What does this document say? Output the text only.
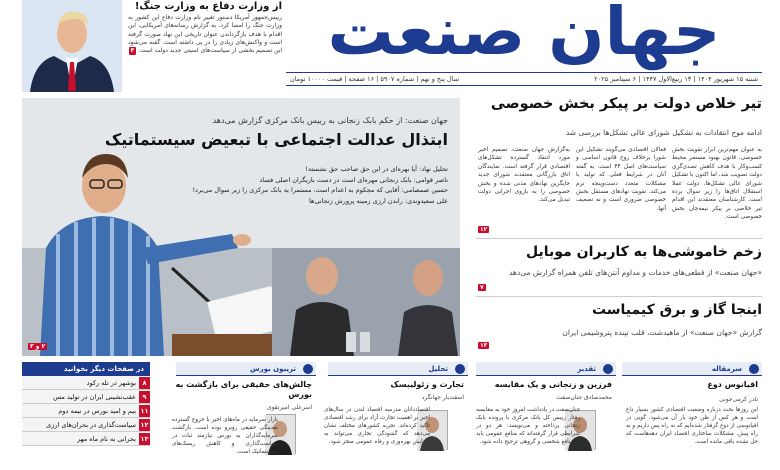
جهان صنعت
شنبه ۱۵ شهریور ۱۴۰۴ | ۱۳ ربیع‌الاول ۱۴۴۷ | ۶ سپتامبر ۲۰۲۵
سال پنج و نهم | شماره ۵۹۰۷ | ۱۶ صفحه | قیمت ۱۰۰۰۰ تومان
از وزارت دفاع به وزارت جنگ!
رییس‌جمهور آمریکا دستور تغییر نام وزارت دفاع این کشور به وزارت جنگ را امضا کرد. به گزارش رسانه‌های آمریکایی، این اقدام با هدف بازگرداندن عنوان تاریخی این نهاد صورت گرفته است و واکنش‌های زیادی را در پی داشته است. گفته می‌شود این تصمیم بخشی از سیاست‌های امنیتی جدید دولت است. ۴
جهان صنعت: از حکم بابک زنجانی به رییس بانک مرکزی گزارش می‌دهد
ابتذال عدالت اجتماعی با تبعیض سیستماتیک
تحلیل نهاد: آیا بهره‌ای در این حق صاحب حق نشسته!
ناصر قوامی: بابک زنجانی مهره‌ای است در دست بازیگران اصلی فساد
حسین صمصامی: آقایی که مجکوم به اعدام است، مستمرا به بانک مرکزی را زیر سوال می‌برد!
علی سعیدوندی: راندن ارزی زمینه پرورش زنجانی‌ها
۲ و ۳
تیر خلاص دولت بر پیکر بخش خصوصی
ادامه موج انتقادات به تشکیل شورای عالی تشکل‌ها بررسی شد
به عنوان مهم‌ترین ابزار تقویت بخش خصوصی، قانون بهبود مستمر محیط کسب‌وکار با هدف کاهش تصدی‌گری دولت تصویب شد، اما اکنون با تشکیل شورای عالی تشکل‌ها، دولت عملا استقلال اتاق‌ها را زیر سوال برده است. کارشناسان معتقدند این اقدام تیر خلاصی بر پیکر نیمه‌جان بخش خصوصی است.
فعالان اقتصادی می‌گویند تشکیل این شورا برخلاف روح قانون اساسی و سیاست‌های اصل ۴۴ است. به گفته آنان در شرایط فعلی که تولید با مشکلات متعدد دست‌وپنجه نرم می‌کند، تقویت نهادهای مستقل بخش خصوصی ضروری است و نه تضعیف آنها.
به‌گزارش جهان صنعت، تصمیم اخیر مورد انتقاد گسترده تشکل‌های اقتصادی قرار گرفته است. نمایندگان اتاق بازرگانی معتقدند شورای جدید جایگزین نهادهای مدنی شده و بخش خصوصی را به بازوی اجرایی دولت تبدیل می‌کند.
۱۲
زخم خاموشی‌ها به کاربران موبایل
«جهان صنعت» از قطعی‌های خدمات و مداوم آنتن‌های تلفن همراه گزارش می‌دهد
۷
اینجا گاز و برق کیمیاست
گزارش «جهان صنعت» از ماهیدشت، قلب تپنده پتروشیمی ایران
۱۳
سرمقاله
اقیانوس دوغ
نادر کرمی‌جونی
این روزها بحث درباره وضعیت اقتصادی کشور بسیار داغ است و هر کس از ظن خود یار آن می‌شود. گویی در اقیانوسی از دوغ گرفتار شده‌ایم که نه راه پس داریم و نه راه پیش. مشکلات ساختاری اقتصاد ایران دهه‌هاست که حل نشده باقی مانده است.
تقدیر
فرزین و زنجانی و یک مقایسه
محمدصادق جنان‌صفت
جنان‌صفت در یادداشت امروز خود به مقایسه رفتار رییس کل بانک مرکزی با پرونده بابک زنجانی پرداخته و می‌نویسد: هر دو در شرایطی قرار گرفته‌اند که منافع عمومی باید بر منافع شخصی و گروهی ترجیح داده شود.
تحلیل
تجارت و زئولیبسک
اسفندیار جهانگرد
اقتصاددانان مدرسه اقتصاد لندن در سال‌های اخیر بر اهمیت تجارت آزاد برای رشد اقتصادی تاکید کرده‌اند. تجربه کشورهای مختلف نشان می‌دهد که گشودگی تجاری می‌تواند به افزایش بهره‌وری و رفاه عمومی منجر شود.
تریبون بورس
چالش‌های حقیقی برای بازگشت به بورس
اسرعلی امیرتقوی
بازار سرمایه در ماه‌های اخیر با خروج گسترده نقدینگی حقیقی روبرو بوده است. بازگشت سرمایه‌گذاران به بورس نیازمند ثبات در سیاست‌گذاری و کاهش ریسک‌های سیستماتیک است.
در صفحات دیگر بخوانید
۸
بوشهر در تله رکود
۹
عقب‌نشینی ایران در تولید مس
۱۱
بیم و امید بورس در نیمه دوم
۱۲
سیاست‌گذاری در بحران‌های ارزی
۱۳
بحرانی به نام ماه مهر
